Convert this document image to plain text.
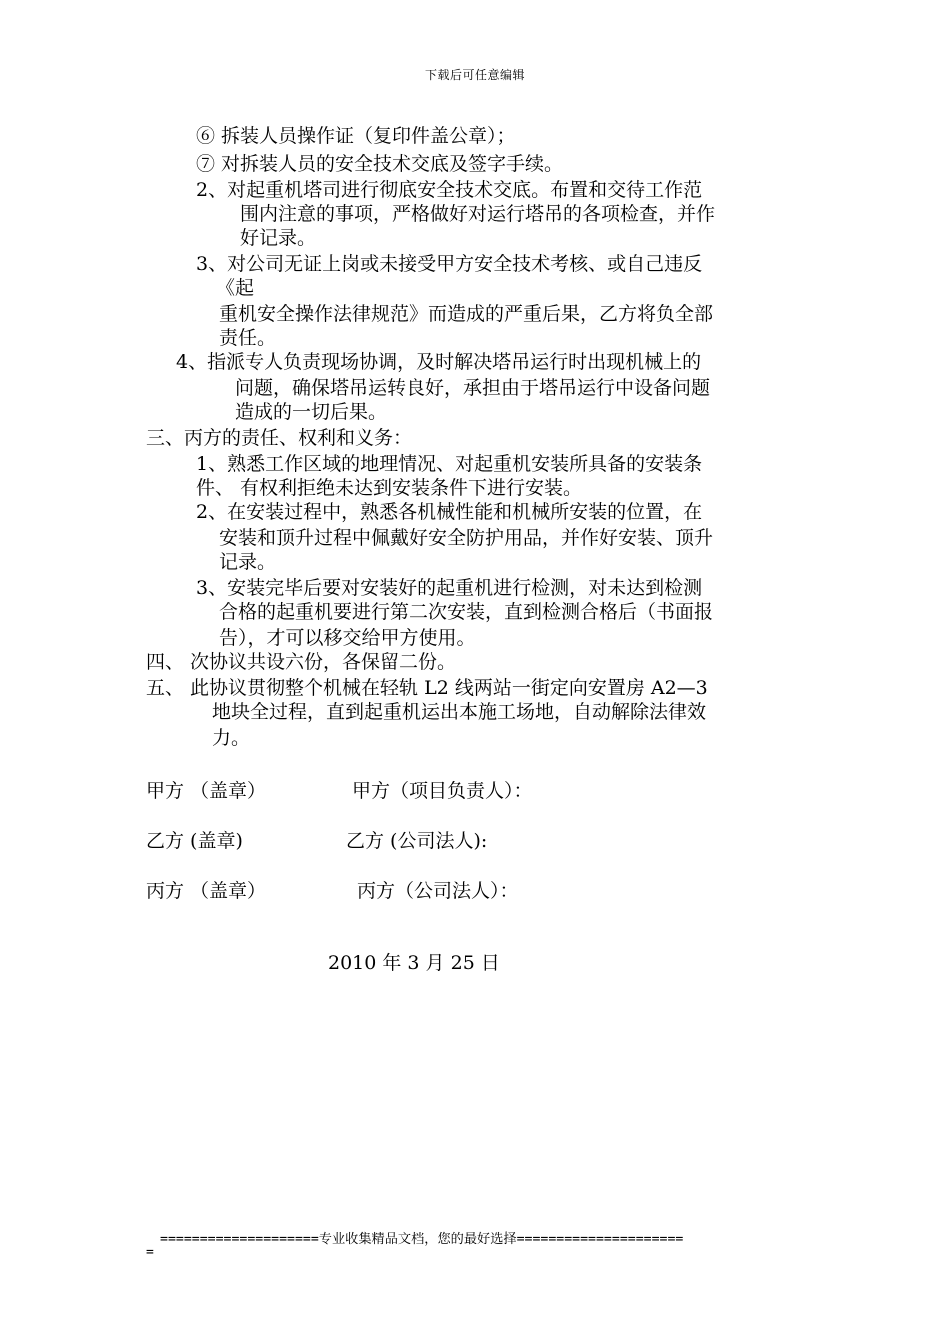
下载后可任意编辑
⑥ 拆装人员操作证（复印件盖公章）；
⑦ 对拆装人员的安全技术交底及签字手续。
2、对起重机塔司进行彻底安全技术交底。布置和交待工作范
围内注意的事项，严格做好对运行塔吊的各项检查，并作
好记录。
3、对公司无证上岗或未接受甲方安全技术考核、或自己违反
《起
重机安全操作法律规范》而造成的严重后果，乙方将负全部
责任。
4、指派专人负责现场协调，及时解决塔吊运行时出现机械上的
问题，确保塔吊运转良好，承担由于塔吊运行中设备问题
造成的一切后果。
三、丙方的责任、权利和义务：
1、熟悉工作区域的地理情况、对起重机安装所具备的安装条
件、 有权利拒绝未达到安装条件下进行安装。
2、在安装过程中，熟悉各机械性能和机械所安装的位置，在
安装和顶升过程中佩戴好安全防护用品，并作好安装、顶升
记录。
3、安装完毕后要对安装好的起重机进行检测，对未达到检测
合格的起重机要进行第二次安装，直到检测合格后（书面报
告），才可以移交给甲方使用。
四、 次协议共设六份，各保留二份。
五、 此协议贯彻整个机械在轻轨 L2 线两站一街定向安置房 A2—3
地块全过程，直到起重机运出本施工场地，自动解除法律效
力。
甲方 （盖章）	甲方（项目负责人）：
乙方 (盖章)	乙方 (公司法人):
丙方 （盖章）	丙方（公司法人）：
2010 年 3 月 25 日
====================专业收集精品文档，您的最好选择=====================
=
